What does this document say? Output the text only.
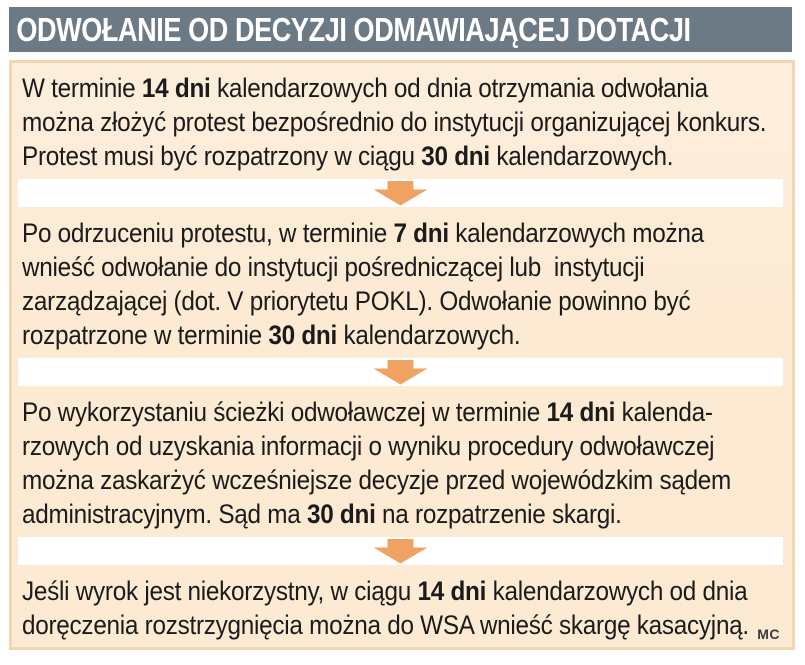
ODWOŁANIE OD DECYZJI ODMAWIAJĄCEJ DOTACJI
W terminie 14 dni kalendarzowych od dnia otrzymania odwołania
można złożyć protest bezpośrednio do instytucji organizującej konkurs.
Protest musi być rozpatrzony w ciągu 30 dni kalendarzowych.
Po odrzuceniu protestu, w terminie 7 dni kalendarzowych można
wnieść odwołanie do instytucji pośredniczącej lub  instytucji
zarządzającej (dot. V priorytetu POKL). Odwołanie powinno być
rozpatrzone w terminie 30 dni kalendarzowych.
Po wykorzystaniu ścieżki odwoławczej w terminie 14 dni kalenda-
rzowych od uzyskania informacji o wyniku procedury odwoławczej
można zaskarżyć wcześniejsze decyzje przed wojewódzkim sądem
administracyjnym. Sąd ma 30 dni na rozpatrzenie skargi.
Jeśli wyrok jest niekorzystny, w ciągu 14 dni kalendarzowych od dnia
doręczenia rozstrzygnięcia można do WSA wnieść skargę kasacyjną. MC
